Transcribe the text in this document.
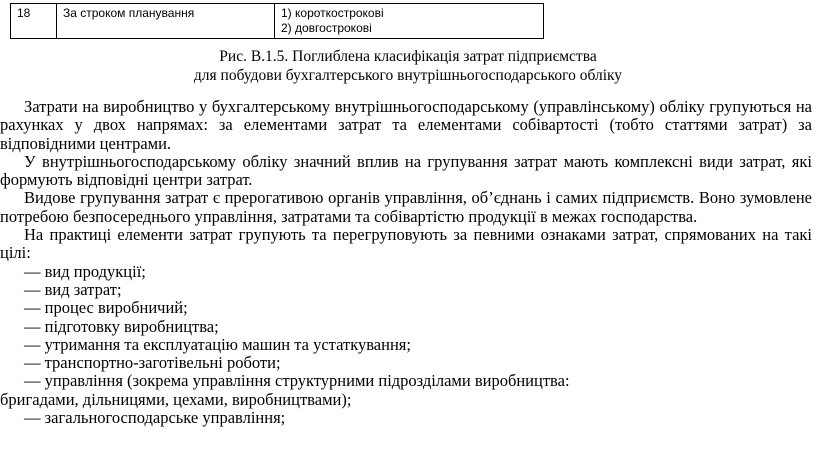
18	За строком планування	1) короткострокові
2) довгострокові
Рис. В.1.5. Поглиблена класифікація затрат підприємства
для побудови бухгалтерського внутрішньогосподарського обліку

Затрати на виробництво у бухгалтерському внутрішньогосподарському (управлінському) обліку групуються на рахунках у двох напрямах: за елементами затрат та елементами собівартості (тобто статтями затрат) за відповідними центрами.

У внутрішньогосподарському обліку значний вплив на групування затрат мають комплексні види затрат, які формують відповідні центри затрат.

Видове групування затрат є прерогативою органів управління, об’єднань і самих підприємств. Воно зумовлене потребою безпосереднього управління, затратами та собівартістю продукції в межах господарства.

На практиці елементи затрат групують та перегруповують за певними ознаками затрат, спрямованих на такі цілі:

— вид продукції;

— вид затрат;

— процес виробничий;

— підготовку виробництва;

— утримання та експлуатацію машин та устаткування;

— транспортно-заготівельні роботи;

— управління (зокрема управління структурними підрозділами виробництва:

бригадами, дільницями, цехами, виробництвами);

— загальногосподарське управління;
